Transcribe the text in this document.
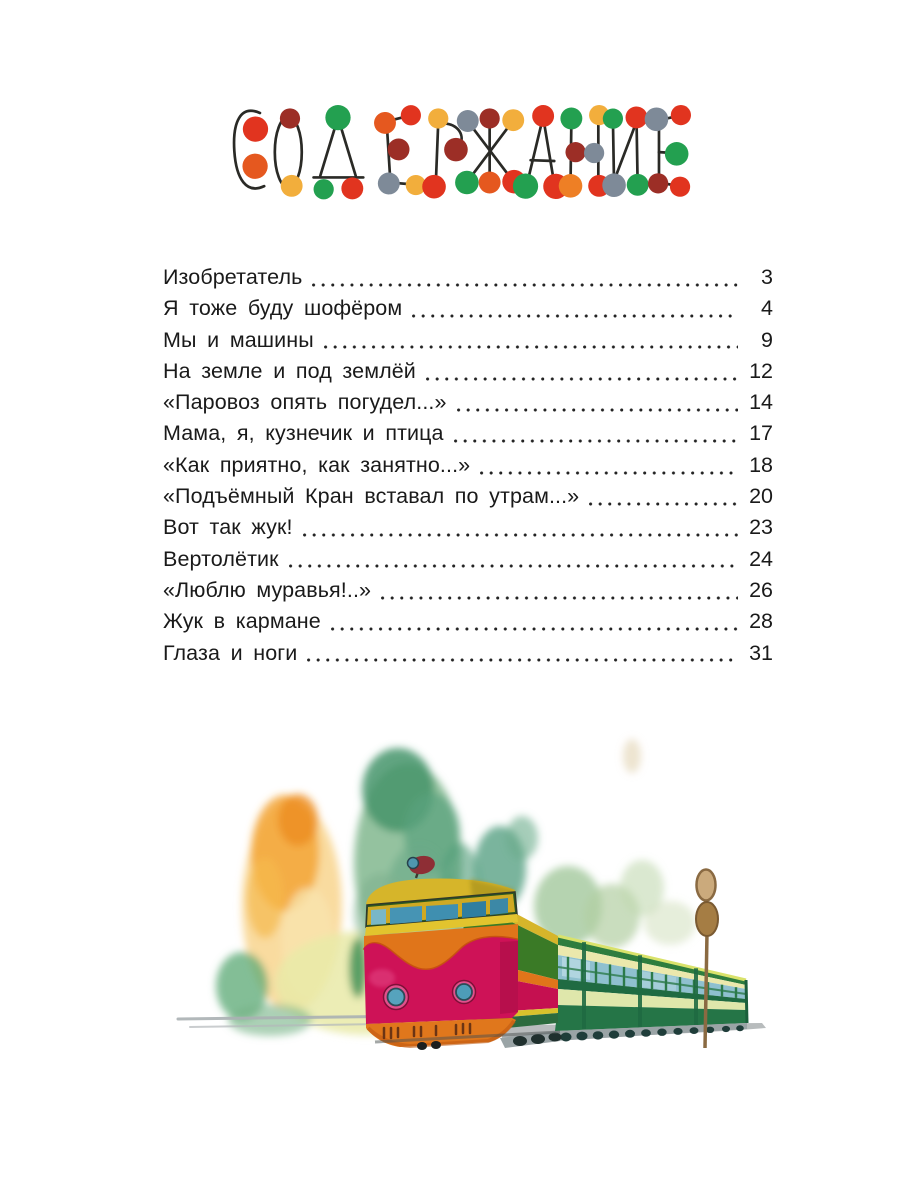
Изобретатель	3
Я тоже буду шофёром	4
Мы и машины	9
На земле и под землёй	12
«Паровоз опять погудел...»	14
Мама, я, кузнечик и птица	17
«Как приятно, как занятно...»	18
«Подъёмный Кран вставал по утрам...»	20
Вот так жук!	23
Вертолётик	24
«Люблю муравья!..»	26
Жук в кармане	28
Глаза и ноги	31
